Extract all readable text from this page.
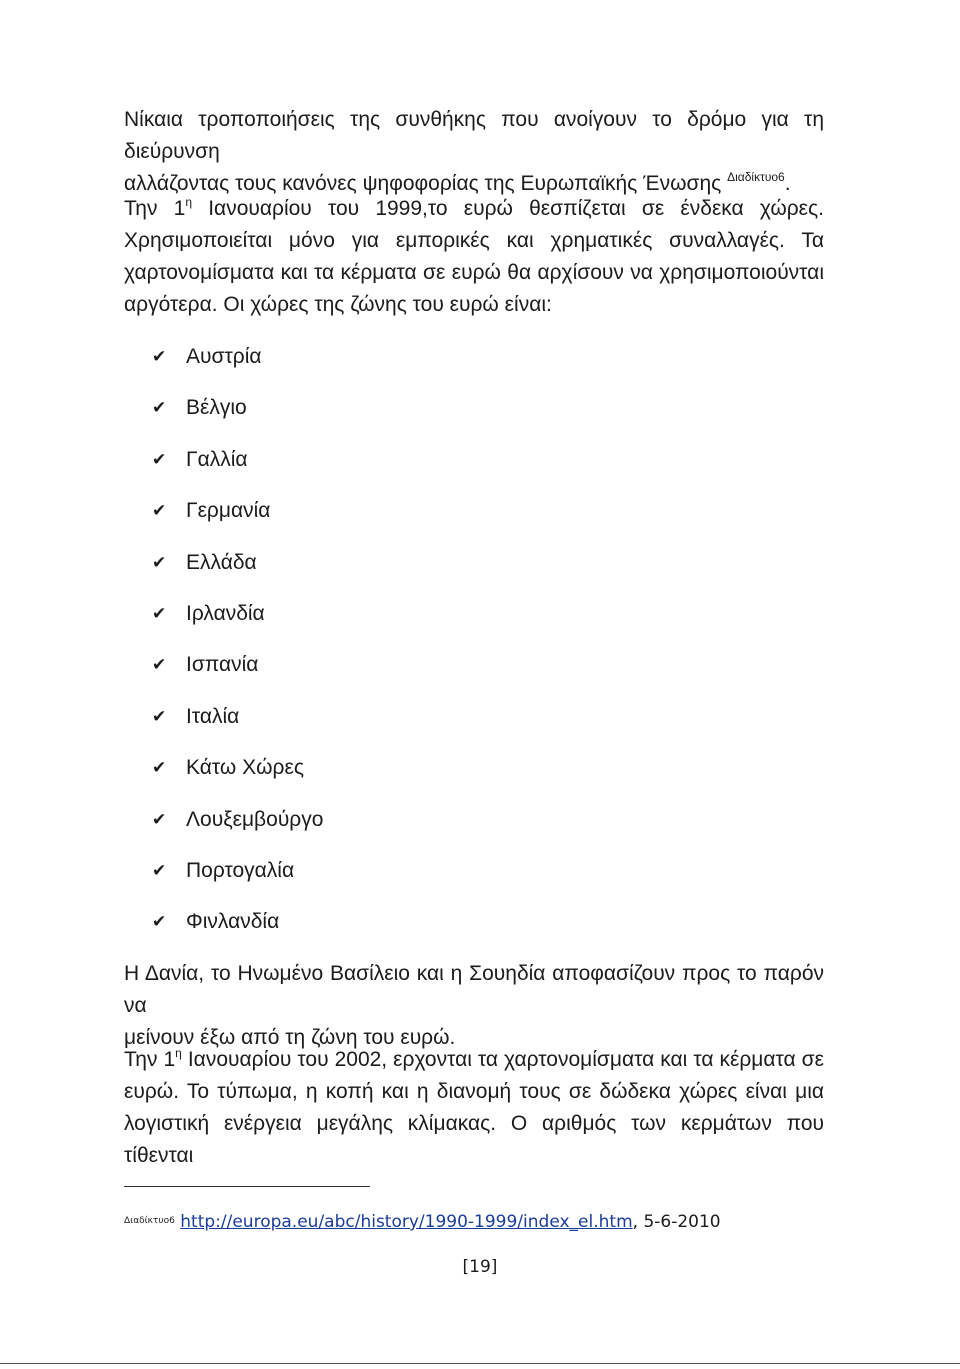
Νίκαια τροποποιήσεις της συνθήκης που ανοίγουν το δρόμο για τη διεύρυνση
αλλάζοντας τους κανόνες ψηφοφορίας της Ευρωπαϊκής Ένωσης $^{\Delta\iota\alpha\delta ί\kappa\tau\upsilon o6}$.

Την $1^\eta$ Ιανουαρίου του 1999,το ευρώ θεσπίζεται σε ένδεκα χώρες.
Χρησιμοποιείται μόνο για εμπορικές και χρηματικές συναλλαγές. Τα
χαρτονομίσματα και τα κέρματα σε ευρώ θα αρχίσουν να χρησιμοποιούνται
αργότερα. Οι χώρες της ζώνης του ευρώ είναι:

✔ Αυστρία
✔ Βέλγιο
✔ Γαλλία
✔ Γερμανία
✔ Ελλάδα
✔ Ιρλανδία
✔ Ισπανία
✔ Ιταλία
✔ Κάτω Χώρες
✔ Λουξεμβούργο
✔ Πορτογαλία
✔ Φινλανδία

Η Δανία, το Ηνωμένο Βασίλειο και η Σουηδία αποφασίζουν προς το παρόν να
μείνουν έξω από τη ζώνη του ευρώ.

Την $1^\eta$ Ιανουαρίου του 2002, ερχονται τα χαρτονομίσματα και τα κέρματα σε
ευρώ. Το τύπωμα, η κοπή και η διανομή τους σε δώδεκα χώρες είναι μια
λογιστική ενέργεια μεγάλης κλίμακας. Ο αριθμός των κερμάτων που τίθενται

$^{\Delta\iota\alpha\delta ί\kappa\tau\upsilon o6}$ http://europa.eu/abc/history/1990-1999/index_el.htm, 5-6-2010
[19]
